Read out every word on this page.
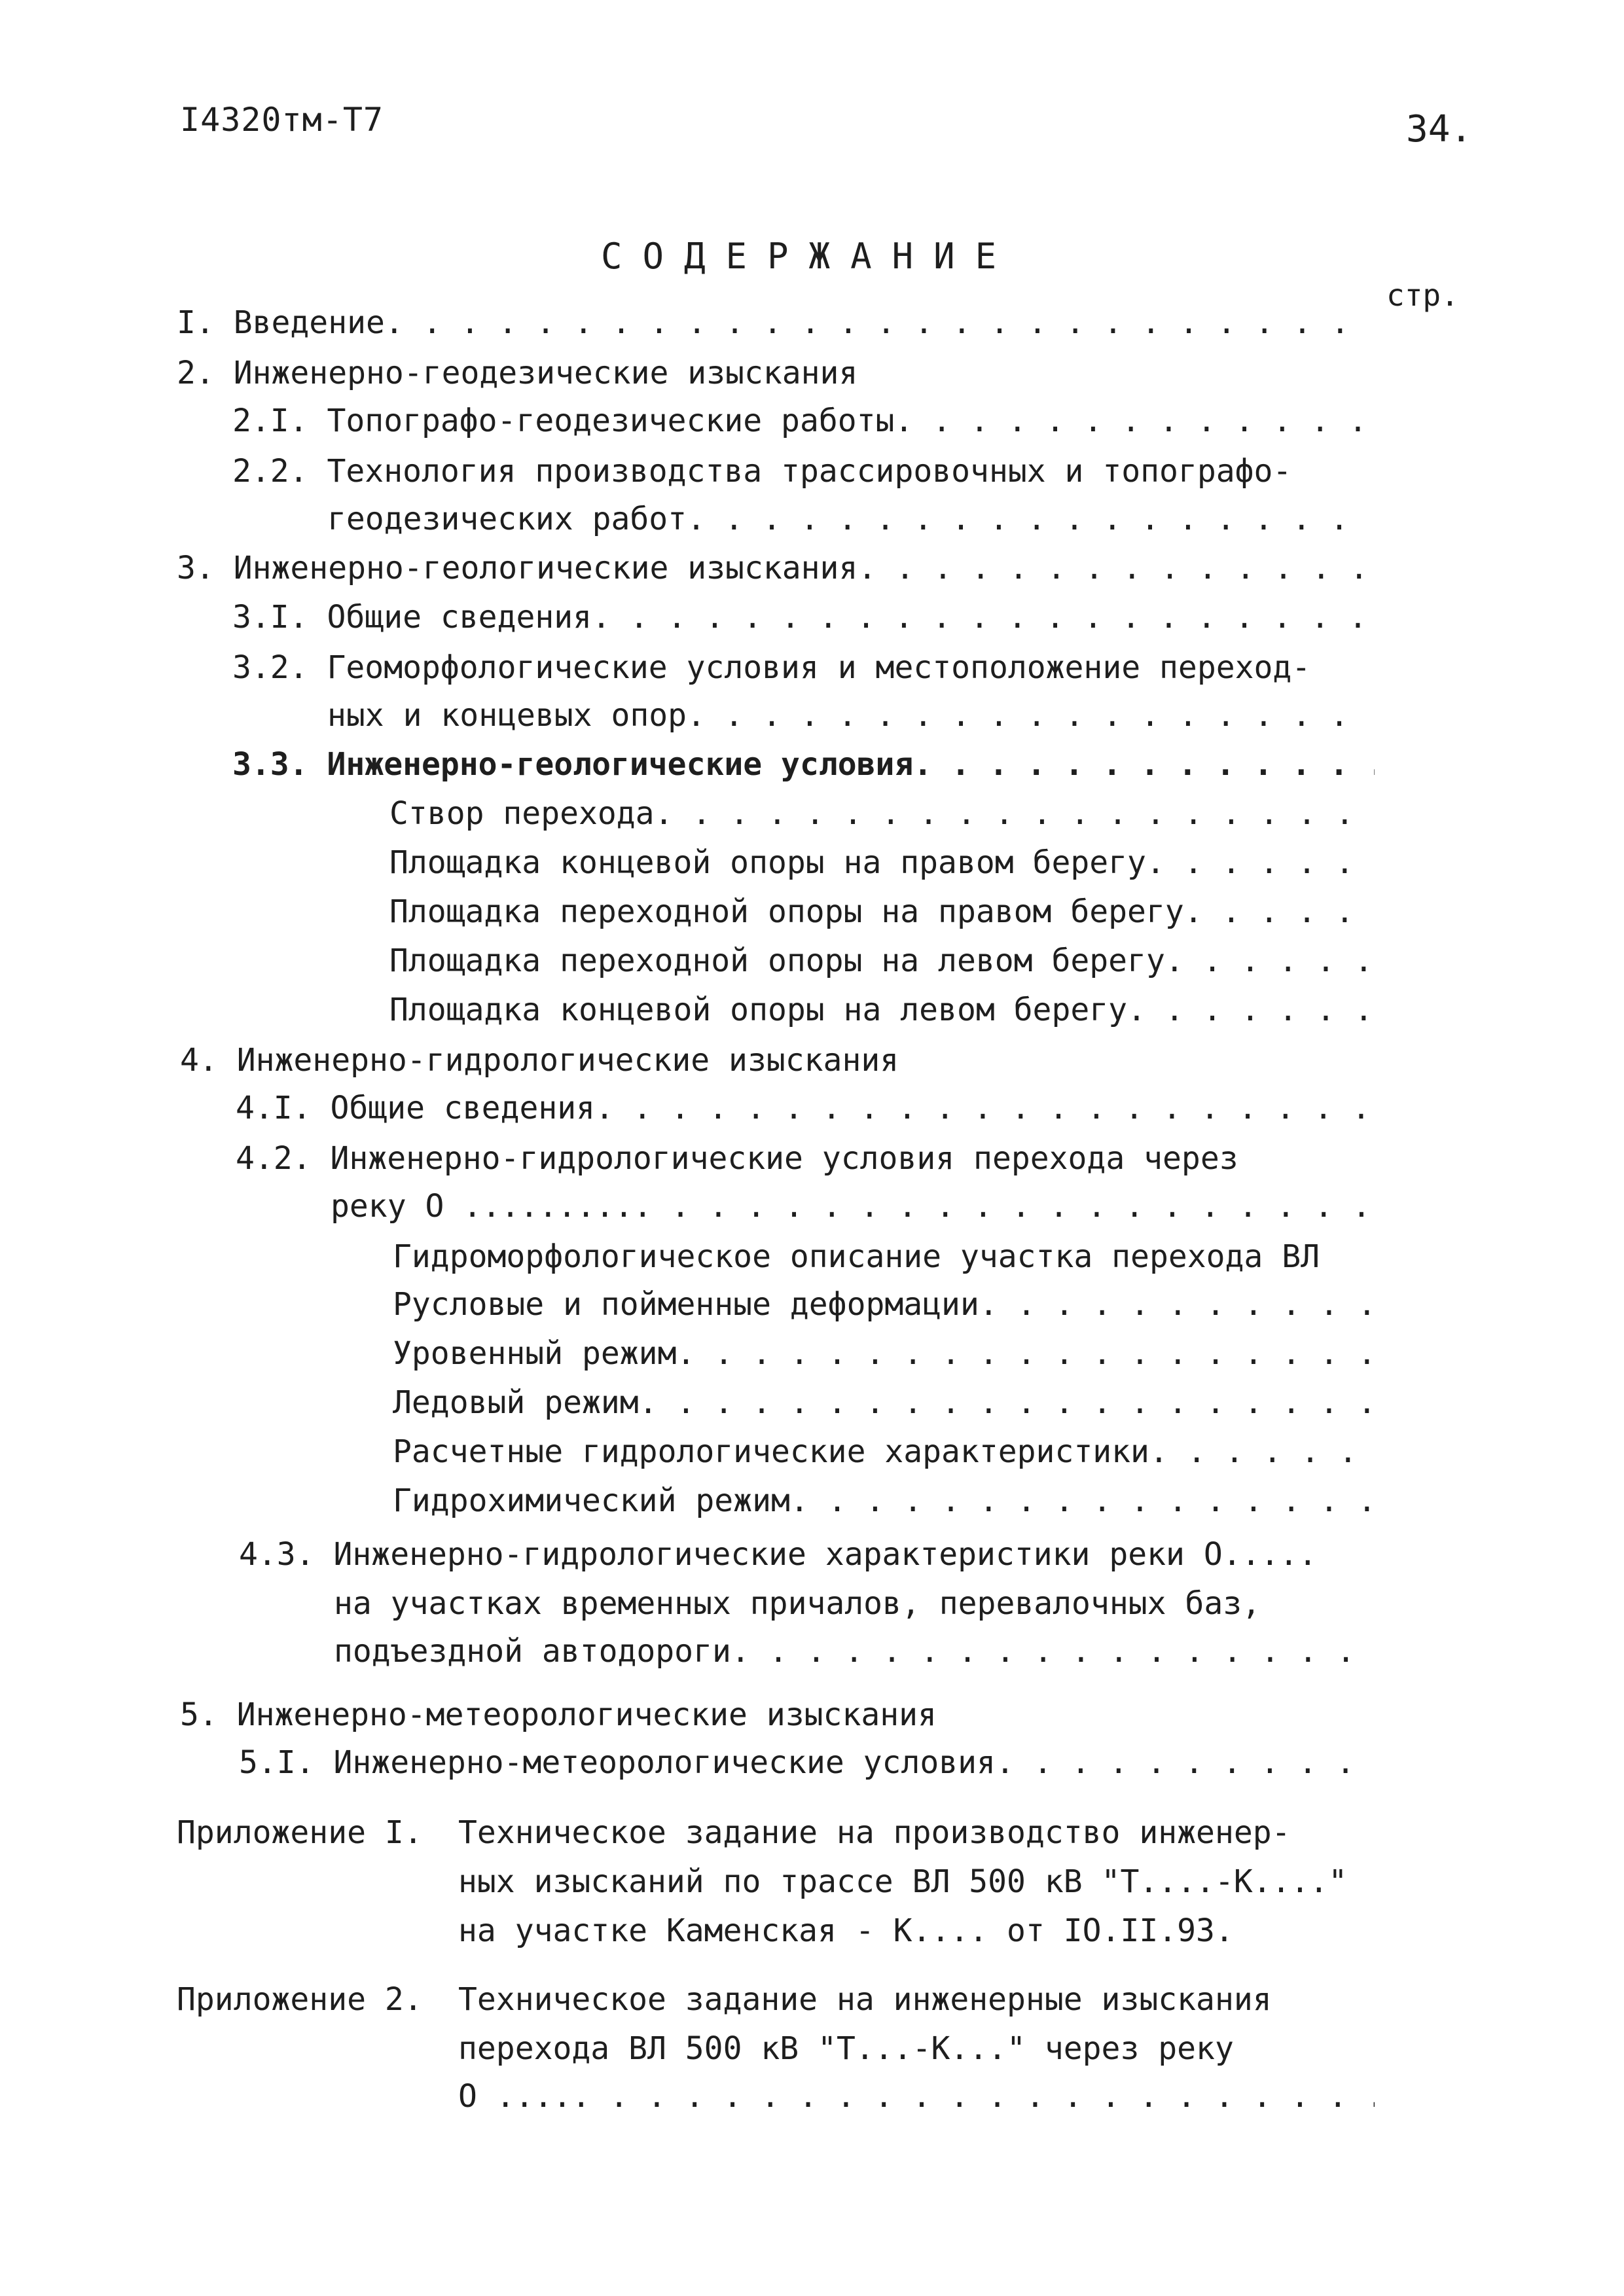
I4320тм-Т7	34.
СОДЕРЖАНИЕ
стр.
I. Введение
. . .
2. Инженерно-геодезические изыскания
2.I. Топографо-геодезические работы
. . .
2.2. Технология производства трассировочных и топографо-
геодезических работ
. . .
3. Инженерно-геологические изыскания
. . .
3.I. Общие сведения
. . .
3.2. Геоморфологические условия и местоположение переход-
ных и концевых опор
. . .
3.3. Инженерно-геологические условия
. . .
Створ перехода
. . .
Площадка концевой опоры на правом берегу
. . .
Площадка переходной опоры на правом берегу
. . .
Площадка переходной опоры на левом берегу
. . .
Площадка концевой опоры на левом берегу
. . .
4. Инженерно-гидрологические изыскания
4.I. Общие сведения
. . .
4.2. Инженерно-гидрологические условия перехода через
реку О .........
. . .
Гидроморфологическое описание участка перехода ВЛ
Русловые и пойменные деформации
. . .
Уровенный режим
. . .
Ледовый режим
. . .
Расчетные гидрологические характеристики
. . .
Гидрохимический режим
. . .
4.3. Инженерно-гидрологические характеристики реки О.....
на участках временных причалов, перевалочных баз,
подъездной автодороги
. . .
5. Инженерно-метеорологические изыскания
5.I. Инженерно-метеорологические условия
. . .
Приложение I. Техническое задание на производство инженер-
ных изысканий по трассе ВЛ 500 кВ "Т....-К...."
на участке Каменская - К.... от IO.II.93.
Приложение 2. Техническое задание на инженерные изыскания
перехода ВЛ 500 кВ "Т...-К..." через реку
О ....
. . .
